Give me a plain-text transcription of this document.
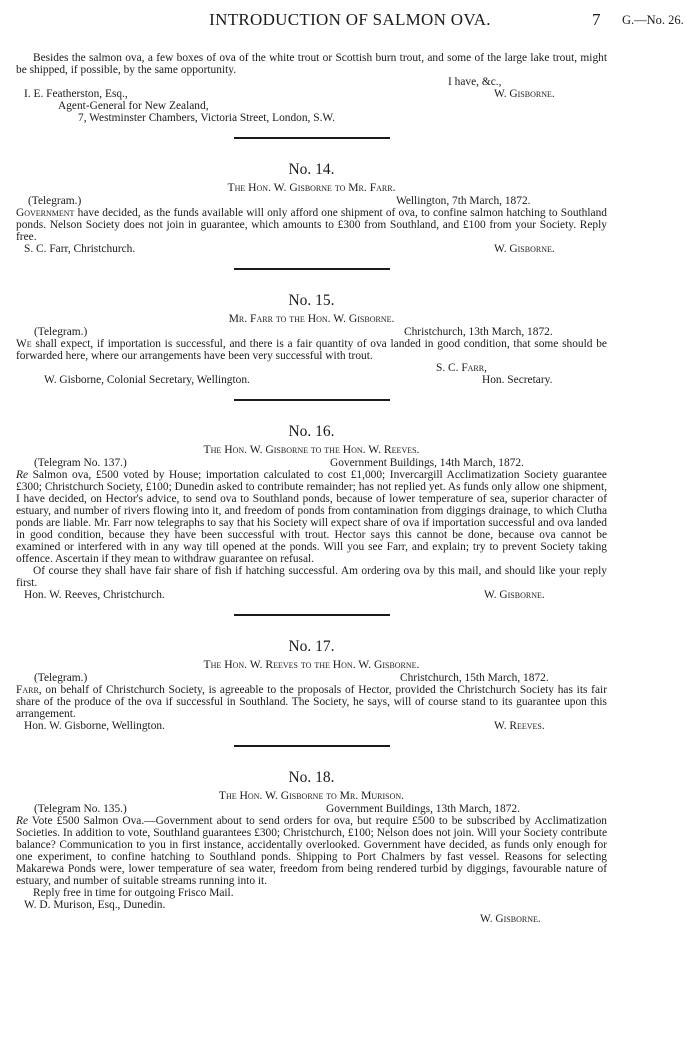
INTRODUCTION OF SALMON OVA.	7 G.—No. 26.

Besides the salmon ova, a few boxes of ova of the white trout or Scottish burn trout, and some of the large lake trout, might be shipped, if possible, by the same opportunity.

I have, &c.,
I. E. Featherston, Esq.,	W. Gisborne.
Agent-General for New Zealand,
7, Westminster Chambers, Victoria Street, London, S.W.
No. 14.
The Hon. W. Gisborne to Mr. Farr.
(Telegram.)	Wellington, 7th March, 1872.

Government have decided, as the funds available will only afford one shipment of ova, to confine salmon hatching to Southland ponds. Nelson Society does not join in guarantee, which amounts to £300 from Southland, and £100 from your Society. Reply free.

S. C. Farr, Christchurch.	W. Gisborne.
No. 15.
Mr. Farr to the Hon. W. Gisborne.
(Telegram.)	Christchurch, 13th March, 1872.

We shall expect, if importation is successful, and there is a fair quantity of ova landed in good condition, that some should be forwarded here, where our arrangements have been very successful with trout.

S. C. Farr,
W. Gisborne, Colonial Secretary, Wellington.	Hon. Secretary.
No. 16.
The Hon. W. Gisborne to the Hon. W. Reeves.
(Telegram No. 137.)	Government Buildings, 14th March, 1872.

Re Salmon ova, £500 voted by House; importation calculated to cost £1,000; Invercargill Acclimatization Society guarantee £300; Christchurch Society, £100; Dunedin asked to contribute remainder; has not replied yet. As funds only allow one shipment, I have decided, on Hector's advice, to send ova to Southland ponds, because of lower temperature of sea, superior character of estuary, and number of rivers flowing into it, and freedom of ponds from contamination from diggings drainage, to which Clutha ponds are liable. Mr. Farr now telegraphs to say that his Society will expect share of ova if importation successful and ova landed in good condition, because they have been successful with trout. Hector says this cannot be done, because ova cannot be examined or interfered with in any way till opened at the ponds. Will you see Farr, and explain; try to prevent Society taking offence. Ascertain if they mean to withdraw guarantee on refusal.

Of course they shall have fair share of fish if hatching successful. Am ordering ova by this mail, and should like your reply first.

Hon. W. Reeves, Christchurch.	W. Gisborne.
No. 17.
The Hon. W. Reeves to the Hon. W. Gisborne.
(Telegram.)	Christchurch, 15th March, 1872.

Farr, on behalf of Christchurch Society, is agreeable to the proposals of Hector, provided the Christchurch Society has its fair share of the produce of the ova if successful in Southland. The Society, he says, will of course stand to its guarantee upon this arrangement.

Hon. W. Gisborne, Wellington.	W. Reeves.
No. 18.
The Hon. W. Gisborne to Mr. Murison.
(Telegram No. 135.)	Government Buildings, 13th March, 1872.

Re Vote £500 Salmon Ova.—Government about to send orders for ova, but require £500 to be subscribed by Acclimatization Societies. In addition to vote, Southland guarantees £300; Christchurch, £100; Nelson does not join. Will your Society contribute balance? Communication to you in first instance, accidentally overlooked. Government have decided, as funds only enough for one experiment, to confine hatching to Southland ponds. Shipping to Port Chalmers by fast vessel. Reasons for selecting Makarewa Ponds were, lower temperature of sea water, freedom from being rendered turbid by diggings, favourable nature of estuary, and number of suitable streams running into it.

Reply free in time for outgoing Frisco Mail.

W. D. Murison, Esq., Dunedin.
W. Gisborne.
